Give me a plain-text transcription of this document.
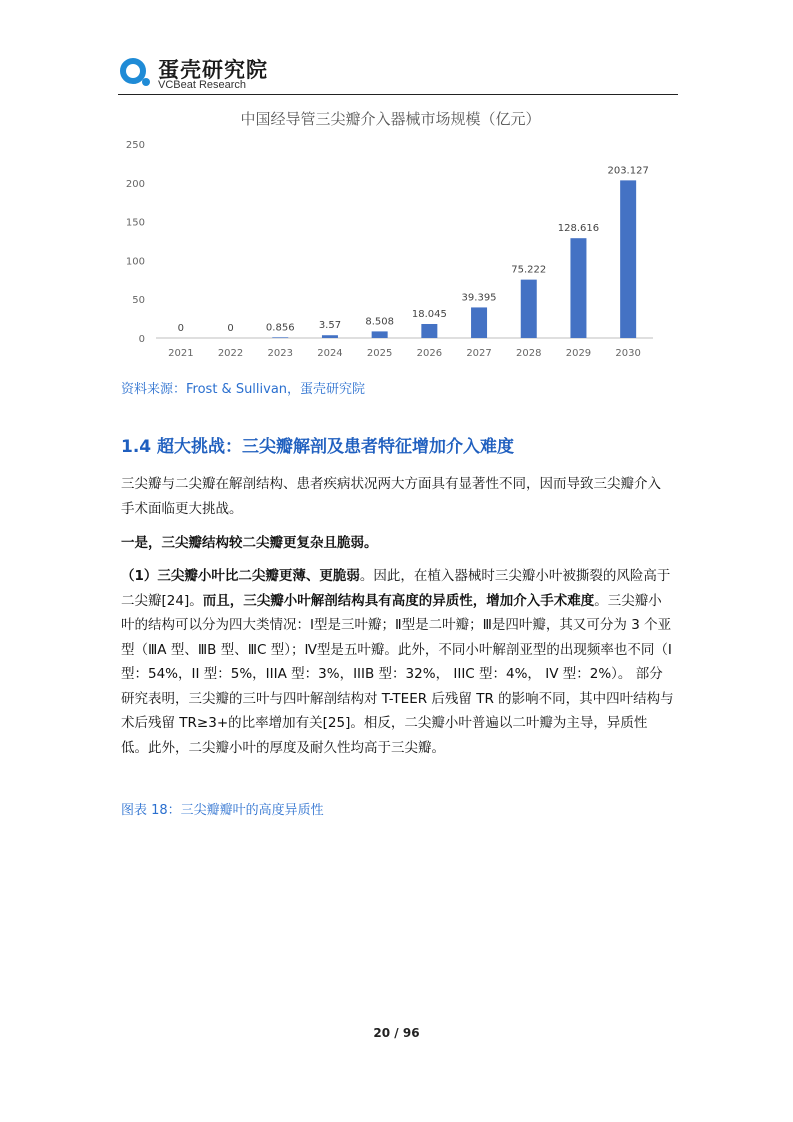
蛋壳研究院
VCBeat Research
中国经导管三尖瓣介入器械市场规模（亿元）
0
50
100
150
200
250
0
2021
0
2022
0.856
2023
3.57
2024
8.508
2025
18.045
2026
39.395
2027
75.222
2028
128.616
2029
203.127
2030
资料来源：Frost & Sullivan，蛋壳研究院
1.4 超大挑战：三尖瓣解剖及患者特征增加介入难度
三尖瓣与二尖瓣在解剖结构、患者疾病状况两大方面具有显著性不同，因而导致三尖瓣介入手术面临更大挑战。
一是，三尖瓣结构较二尖瓣更复杂且脆弱。
（1）三尖瓣小叶比二尖瓣更薄、更脆弱。因此，在植入器械时三尖瓣小叶被撕裂的风险高于二尖瓣[24]。而且，三尖瓣小叶解剖结构具有高度的异质性，增加介入手术难度。三尖瓣小叶的结构可以分为四大类情况：Ⅰ型是三叶瓣；Ⅱ型是二叶瓣；Ⅲ是四叶瓣，其又可分为 3 个亚型（ⅢA 型、ⅢB 型、ⅢC 型）；Ⅳ型是五叶瓣。此外，不同小叶解剖亚型的出现频率也不同（I 型：54%，II 型：5%，IIIA 型：3%，IIIB 型：32%， IIIC 型：4%， IV 型：2%）。 部分研究表明，三尖瓣的三叶与四叶解剖结构对 T-TEER 后残留 TR 的影响不同，其中四叶结构与术后残留 TR≥3+的比率增加有关[25]。相反，二尖瓣小叶普遍以二叶瓣为主导，异质性低。此外，二尖瓣小叶的厚度及耐久性均高于三尖瓣。
图表 18：三尖瓣瓣叶的高度异质性
20 / 96
